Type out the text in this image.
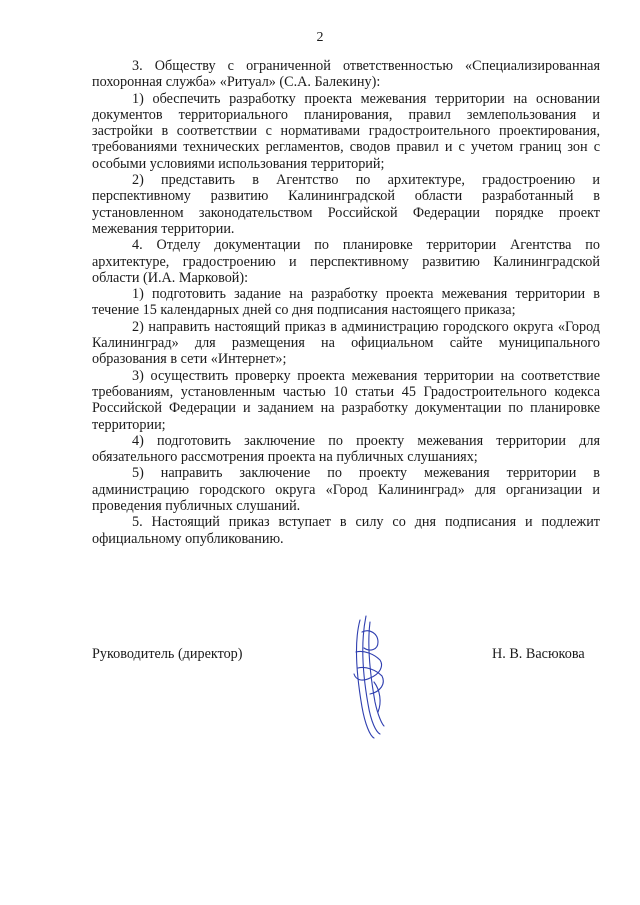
2

3. Обществу с ограниченной ответственностью «Специализированная похоронная служба» «Ритуал» (С.А. Балекину):

1) обеспечить разработку проекта межевания территории на основании документов территориального планирования, правил землепользования и застройки в соответствии с нормативами градостроительного проектирования, требованиями технических регламентов, сводов правил и с учетом границ зон с особыми условиями использования территорий;

2) представить в Агентство по архитектуре, градостроению и перспективному развитию Калининградской области разработанный в установленном законодательством Российской Федерации порядке проект межевания территории.

4. Отделу документации по планировке территории Агентства по архитектуре, градостроению и перспективному развитию Калининградской области (И.А. Марковой):

1) подготовить задание на разработку проекта межевания территории в течение 15 календарных дней со дня подписания настоящего приказа;

2) направить настоящий приказ в администрацию городского округа «Город Калининград» для размещения на официальном сайте муниципального образования в сети «Интернет»;

3) осуществить проверку проекта межевания территории на соответствие требованиям, установленным частью 10 статьи 45 Градостроительного кодекса Российской Федерации и заданием на разработку документации по планировке территории;

4) подготовить заключение по проекту межевания территории для обязательного рассмотрения проекта на публичных слушаниях;

5) направить заключение по проекту межевания территории в администрацию городского округа «Город Калининград» для организации и проведения публичных слушаний.

5. Настоящий приказ вступает в силу со дня подписания и подлежит официальному опубликованию.

Руководитель (директор)	Н. В. Васюкова
